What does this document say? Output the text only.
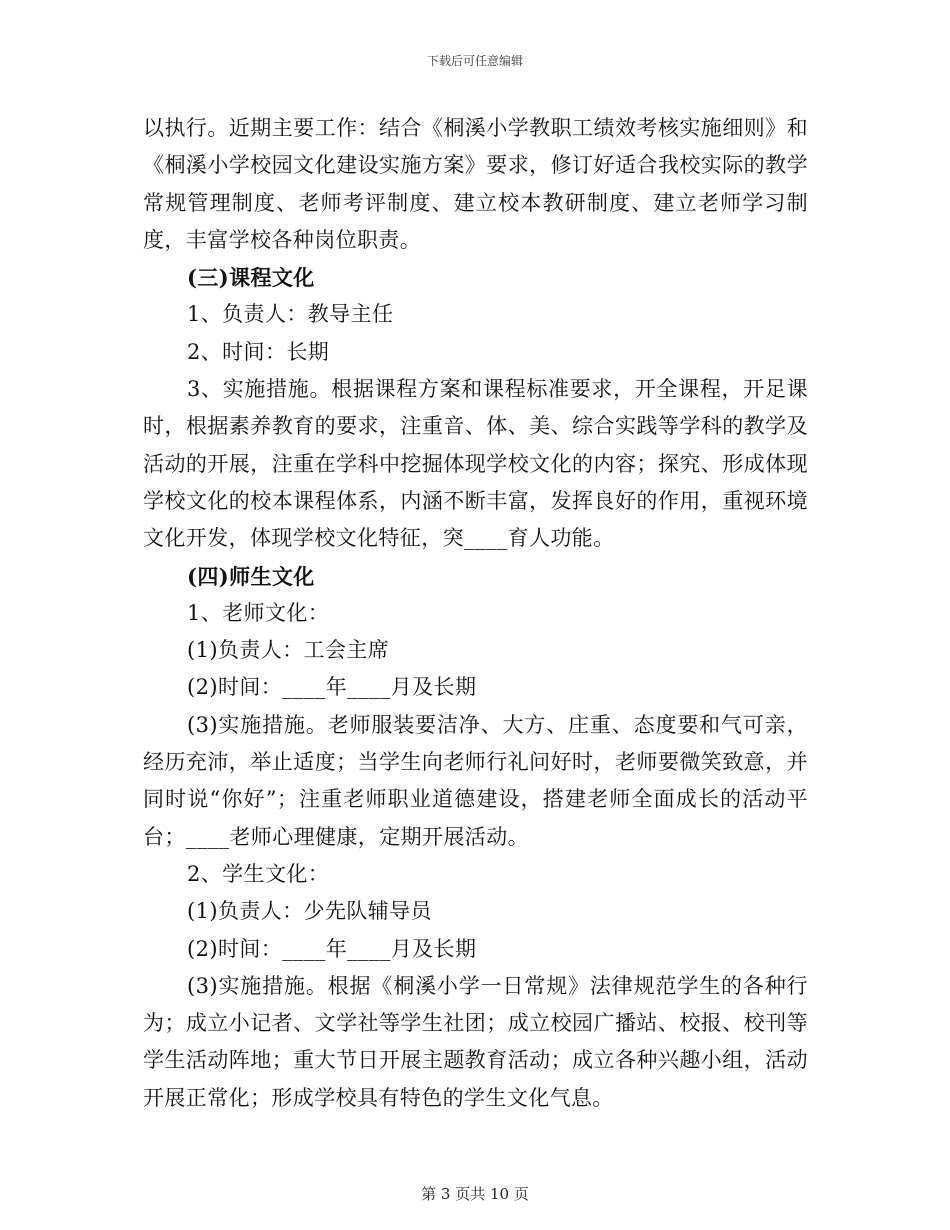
下载后可任意编辑

以执行。近期主要工作：结合《桐溪小学教职工绩效考核实施细则》和《桐溪小学校园文化建设实施方案》要求，修订好适合我校实际的教学常规管理制度、老师考评制度、建立校本教研制度、建立老师学习制度，丰富学校各种岗位职责。

(三)课程文化

1、负责人：教导主任

2、时间：长期

3、实施措施。根据课程方案和课程标准要求，开全课程，开足课时，根据素养教育的要求，注重音、体、美、综合实践等学科的教学及活动的开展，注重在学科中挖掘体现学校文化的内容；探究、形成体现学校文化的校本课程体系，内涵不断丰富，发挥良好的作用，重视环境文化开发，体现学校文化特征，突____育人功能。

(四)师生文化

1、老师文化：

(1)负责人：工会主席

(2)时间：____年____月及长期

(3)实施措施。老师服装要洁净、大方、庄重、态度要和气可亲，经历充沛，举止适度；当学生向老师行礼问好时，老师要微笑致意，并同时说“你好”；注重老师职业道德建设，搭建老师全面成长的活动平台；____老师心理健康，定期开展活动。

2、学生文化：

(1)负责人：少先队辅导员

(2)时间：____年____月及长期

(3)实施措施。根据《桐溪小学一日常规》法律规范学生的各种行为；成立小记者、文学社等学生社团；成立校园广播站、校报、校刊等学生活动阵地；重大节日开展主题教育活动；成立各种兴趣小组，活动开展正常化；形成学校具有特色的学生文化气息。

第 3 页共 10 页
